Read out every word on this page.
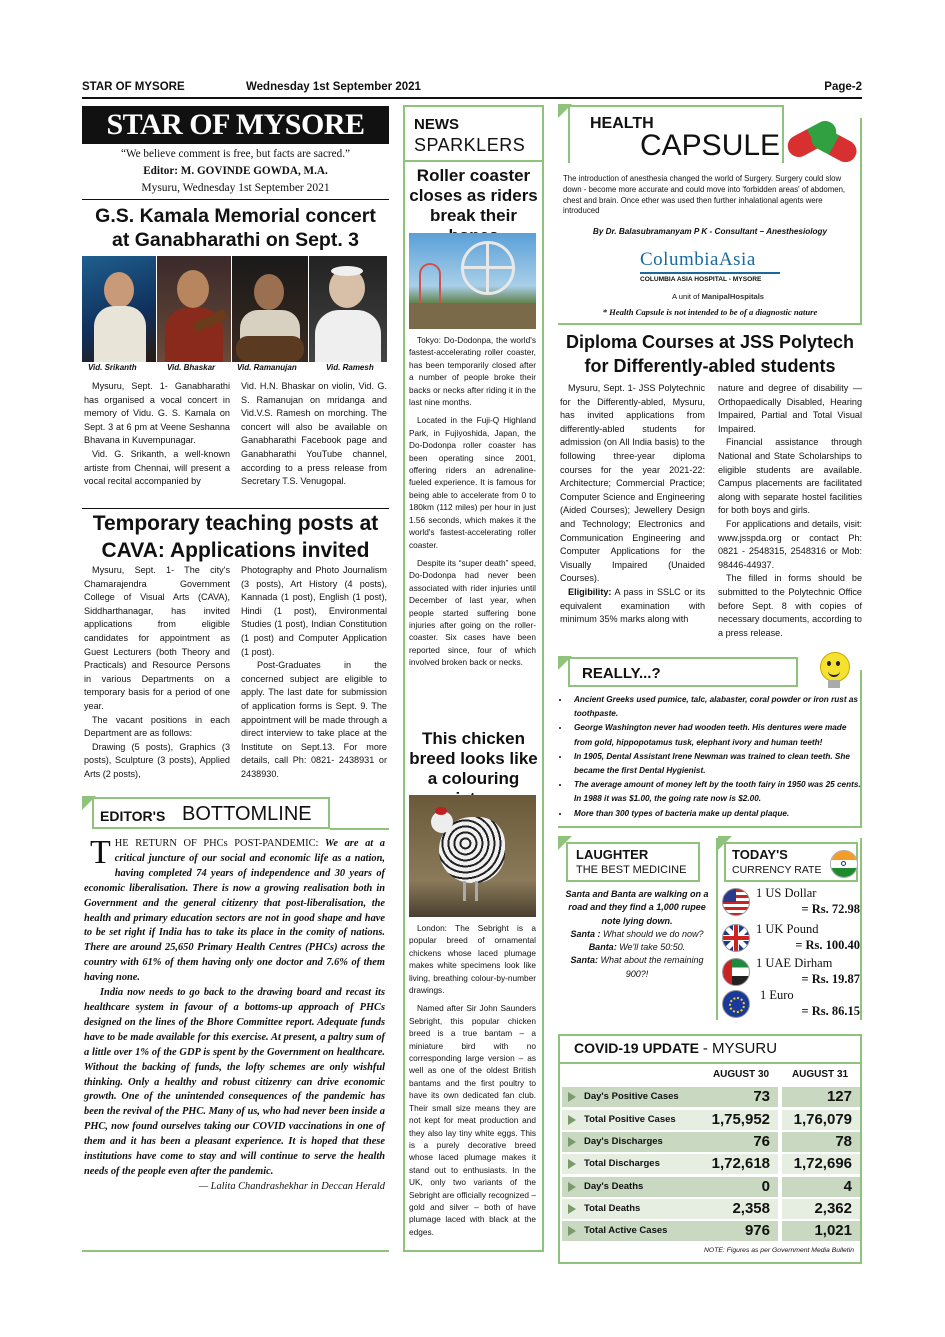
STAR OF MYSORE	Wednesday 1st September 2021	Page-2
STAR OF MYSORE
“We believe comment is free, but facts are sacred.”
Editor: M. GOVINDE GOWDA, M.A.
Mysuru, Wednesday 1st September 2021
G.S. Kamala Memorial concert at Ganabharathi on Sept. 3
Vid. Srikanth	Vid. Bhaskar	Vid. Ramanujan	Vid. Ramesh

Mysuru, Sept. 1- Ganabharathi has organised a vocal concert in memory of Vidu. G. S. Kamala on Sept. 3 at 6 pm at Veene Seshanna Bhavana in Kuvempunagar.

Vid. G. Srikanth, a well-known artiste from Chennai, will present a vocal recital accompanied by

Vid. H.N. Bhaskar on violin, Vid. G. S. Ramanujan on mridanga and Vid.V.S. Ramesh on morching. The concert will also be available on Ganabharathi Facebook page and Ganabharathi YouTube channel, according to a press release from Secretary T.S. Venugopal.

Temporary teaching posts at CAVA: Applications invited

Mysuru, Sept. 1- The city's Chamarajendra Government College of Visual Arts (CAVA), Siddharthanagar, has invited applications from eligible candidates for appointment as Guest Lecturers (both Theory and Practicals) and Resource Persons in various Departments on a temporary basis for a period of one year.

The vacant positions in each Department are as follows:

Drawing (5 posts), Graphics (3 posts), Sculpture (3 posts), Applied Arts (2 posts),

Photography and Photo Journalism (3 posts), Art History (4 posts), Kannada (1 post), English (1 post), Hindi (1 post), Environmental Studies (1 post), Indian Constitution (1 post) and Computer Application (1 post).

Post-Graduates in the concerned subject are eligible to apply. The last date for submission of application forms is Sept. 9. The appointment will be made through a direct interview to take place at the Institute on Sept.13. For more details, call Ph: 0821- 2438931 or 2438930.

EDITOR'S BOTTOMLINE

T HE RETURN OF PHCs POST-PANDEMIC: We are at a critical juncture of our social and economic life as a nation, having completed 74 years of independence and 30 years of economic liberalisation. There is now a growing realisation both in Government and the general citizenry that post-liberalisation, the health and primary education sectors are not in good shape and have to be set right if India has to take its place in the comity of nations. There are around 25,650 Primary Health Centres (PHCs) across the country with 61% of them having only one doctor and 7.6% of them having none.

India now needs to go back to the drawing board and recast its healthcare system in favour of a bottoms-up approach of PHCs designed on the lines of the Bhore Committee report. Adequate funds have to be made available for this exercise. At present, a paltry sum of a little over 1% of the GDP is spent by the Government on healthcare. Without the backing of funds, the lofty schemes are only wishful thinking. Only a healthy and robust citizenry can drive economic growth. One of the unintended consequences of the pandemic has been the revival of the PHC. Many of us, who had never been inside a PHC, now found ourselves taking our COVID vaccinations in one of them and it has been a pleasant experience. It is hoped that these institutions have come to stay and will continue to serve the health needs of the people even after the pandemic.

— Lalita Chandrashekhar in Deccan Herald

NEWS
SPARKLERS
Roller coaster closes as riders break their

Tokyo: Do-Dodonpa, the world's fastest-accelerating roller coaster, has been temporarily closed after a number of people broke their backs or necks after riding it in the last nine months.

Located in the Fuji-Q Highland Park, in Fujiyoshida, Japan, the Do-Dodonpa roller coaster has been operating since 2001, offering riders an adrenaline-fueled experience. It is famous for being able to accelerate from 0 to 180km (112 miles) per hour in just 1.56 seconds, which makes it the world's fastest-accelerating roller coaster.

Despite its “super death” speed, Do-Dodonpa had never been associated with rider injuries until December of last year, when people started suffering bone injuries after going on the roller-coaster. Six cases have been reported since, four of which involved broken back or necks.

This chicken breed looks like a colouring

London: The Sebright is a popular breed of ornamental chickens whose laced plumage makes white specimens look like living, breathing colour-by-number drawings.

Named after Sir John Saunders Sebright, this popular chicken breed is a true bantam – a miniature bird with no corresponding large version – as well as one of the oldest British bantams and the first poultry to have its own dedicated fan club. Their small size means they are not kept for meat production and they also lay tiny white eggs. This is a purely decorative breed whose laced plumage makes it stand out to enthusiasts. In the UK, only two variants of the Sebright are officially recognized – gold and silver – both of have plumage laced with black at the edges.

HEALTH
CAPSULE
The introduction of anesthesia changed the world of Surgery. Surgery could slow down - become more accurate and could move into 'forbidden areas' of abdomen, chest and brain. Once ether was used then further inhalational agents were introduced
By Dr. Balasubramanyam P K - Consultant – Anesthesiology
ColumbiaAsia
COLUMBIA ASIA HOSPITAL - MYSORE
A unit of ManipalHospitals
* Health Capsule is not intended to be of a diagnostic nature
Diploma Courses at JSS Polytech for Differently-abled students

Mysuru, Sept. 1- JSS Polytechnic for the Differently-abled, Mysuru, has invited applications from differently-abled students for admission (on All India basis) to the following three-year diploma courses for the year 2021-22: Architecture; Commercial Practice; Computer Science and Engineering (Aided Courses); Jewellery Design and Technology; Electronics and Communication Engineering and Computer Applications for the Visually Impaired (Unaided Courses).

Eligibility: A pass in SSLC or its equivalent examination with minimum 35% marks along with

nature and degree of disability — Orthopaedically Disabled, Hearing Impaired, Partial and Total Visual Impaired.

Financial assistance through National and State Scholarships to eligible students are available. Campus placements are facilitated along with separate hostel facilities for both boys and girls.

For applications and details, visit: www.jsspda.org or contact Ph: 0821 - 2548315, 2548316 or Mob: 98446-44937.

The filled in forms should be submitted to the Polytechnic Office before Sept. 8 with copies of necessary documents, according to a press release.

REALLY...?
• Ancient Greeks used pumice, talc, alabaster, coral powder or iron rust as toothpaste.
• George Washington never had wooden teeth. His dentures were made from gold, hippopotamus tusk, elephant ivory and human teeth!
• In 1905, Dental Assistant Irene Newman was trained to clean teeth. She became the first Dental Hygienist.
• The average amount of money left by the tooth fairy in 1950 was 25 cents. In 1988 it was $1.00, the going rate now is $2.00.
• More than 300 types of bacteria make up dental plaque.
LAUGHTER
THE BEST MEDICINE

Santa and Banta are walking on a road and they find a 1,000 rupee note lying down.

Santa : What should we do now?

Banta: We'll take 50:50.

Santa: What about the remaining 900?!

TODAY'S
CURRENCY RATE
1 US Dollar
= Rs. 72.98
1 UK Pound
= Rs. 100.40
1 UAE Dirham
= Rs. 19.87
1 Euro
= Rs. 86.15
COVID-19 UPDATE - MYSURU
AUGUST 30	AUGUST 31
Day's Positive Cases	73	127
Total Positive Cases	1,75,952	1,76,079
Day's Discharges	76	78
Total Discharges	1,72,618	1,72,696
Day's Deaths	0	4
Total Deaths	2,358	2,362
Total Active Cases	976	1,021
NOTE: Figures as per Government Media Bulletin
